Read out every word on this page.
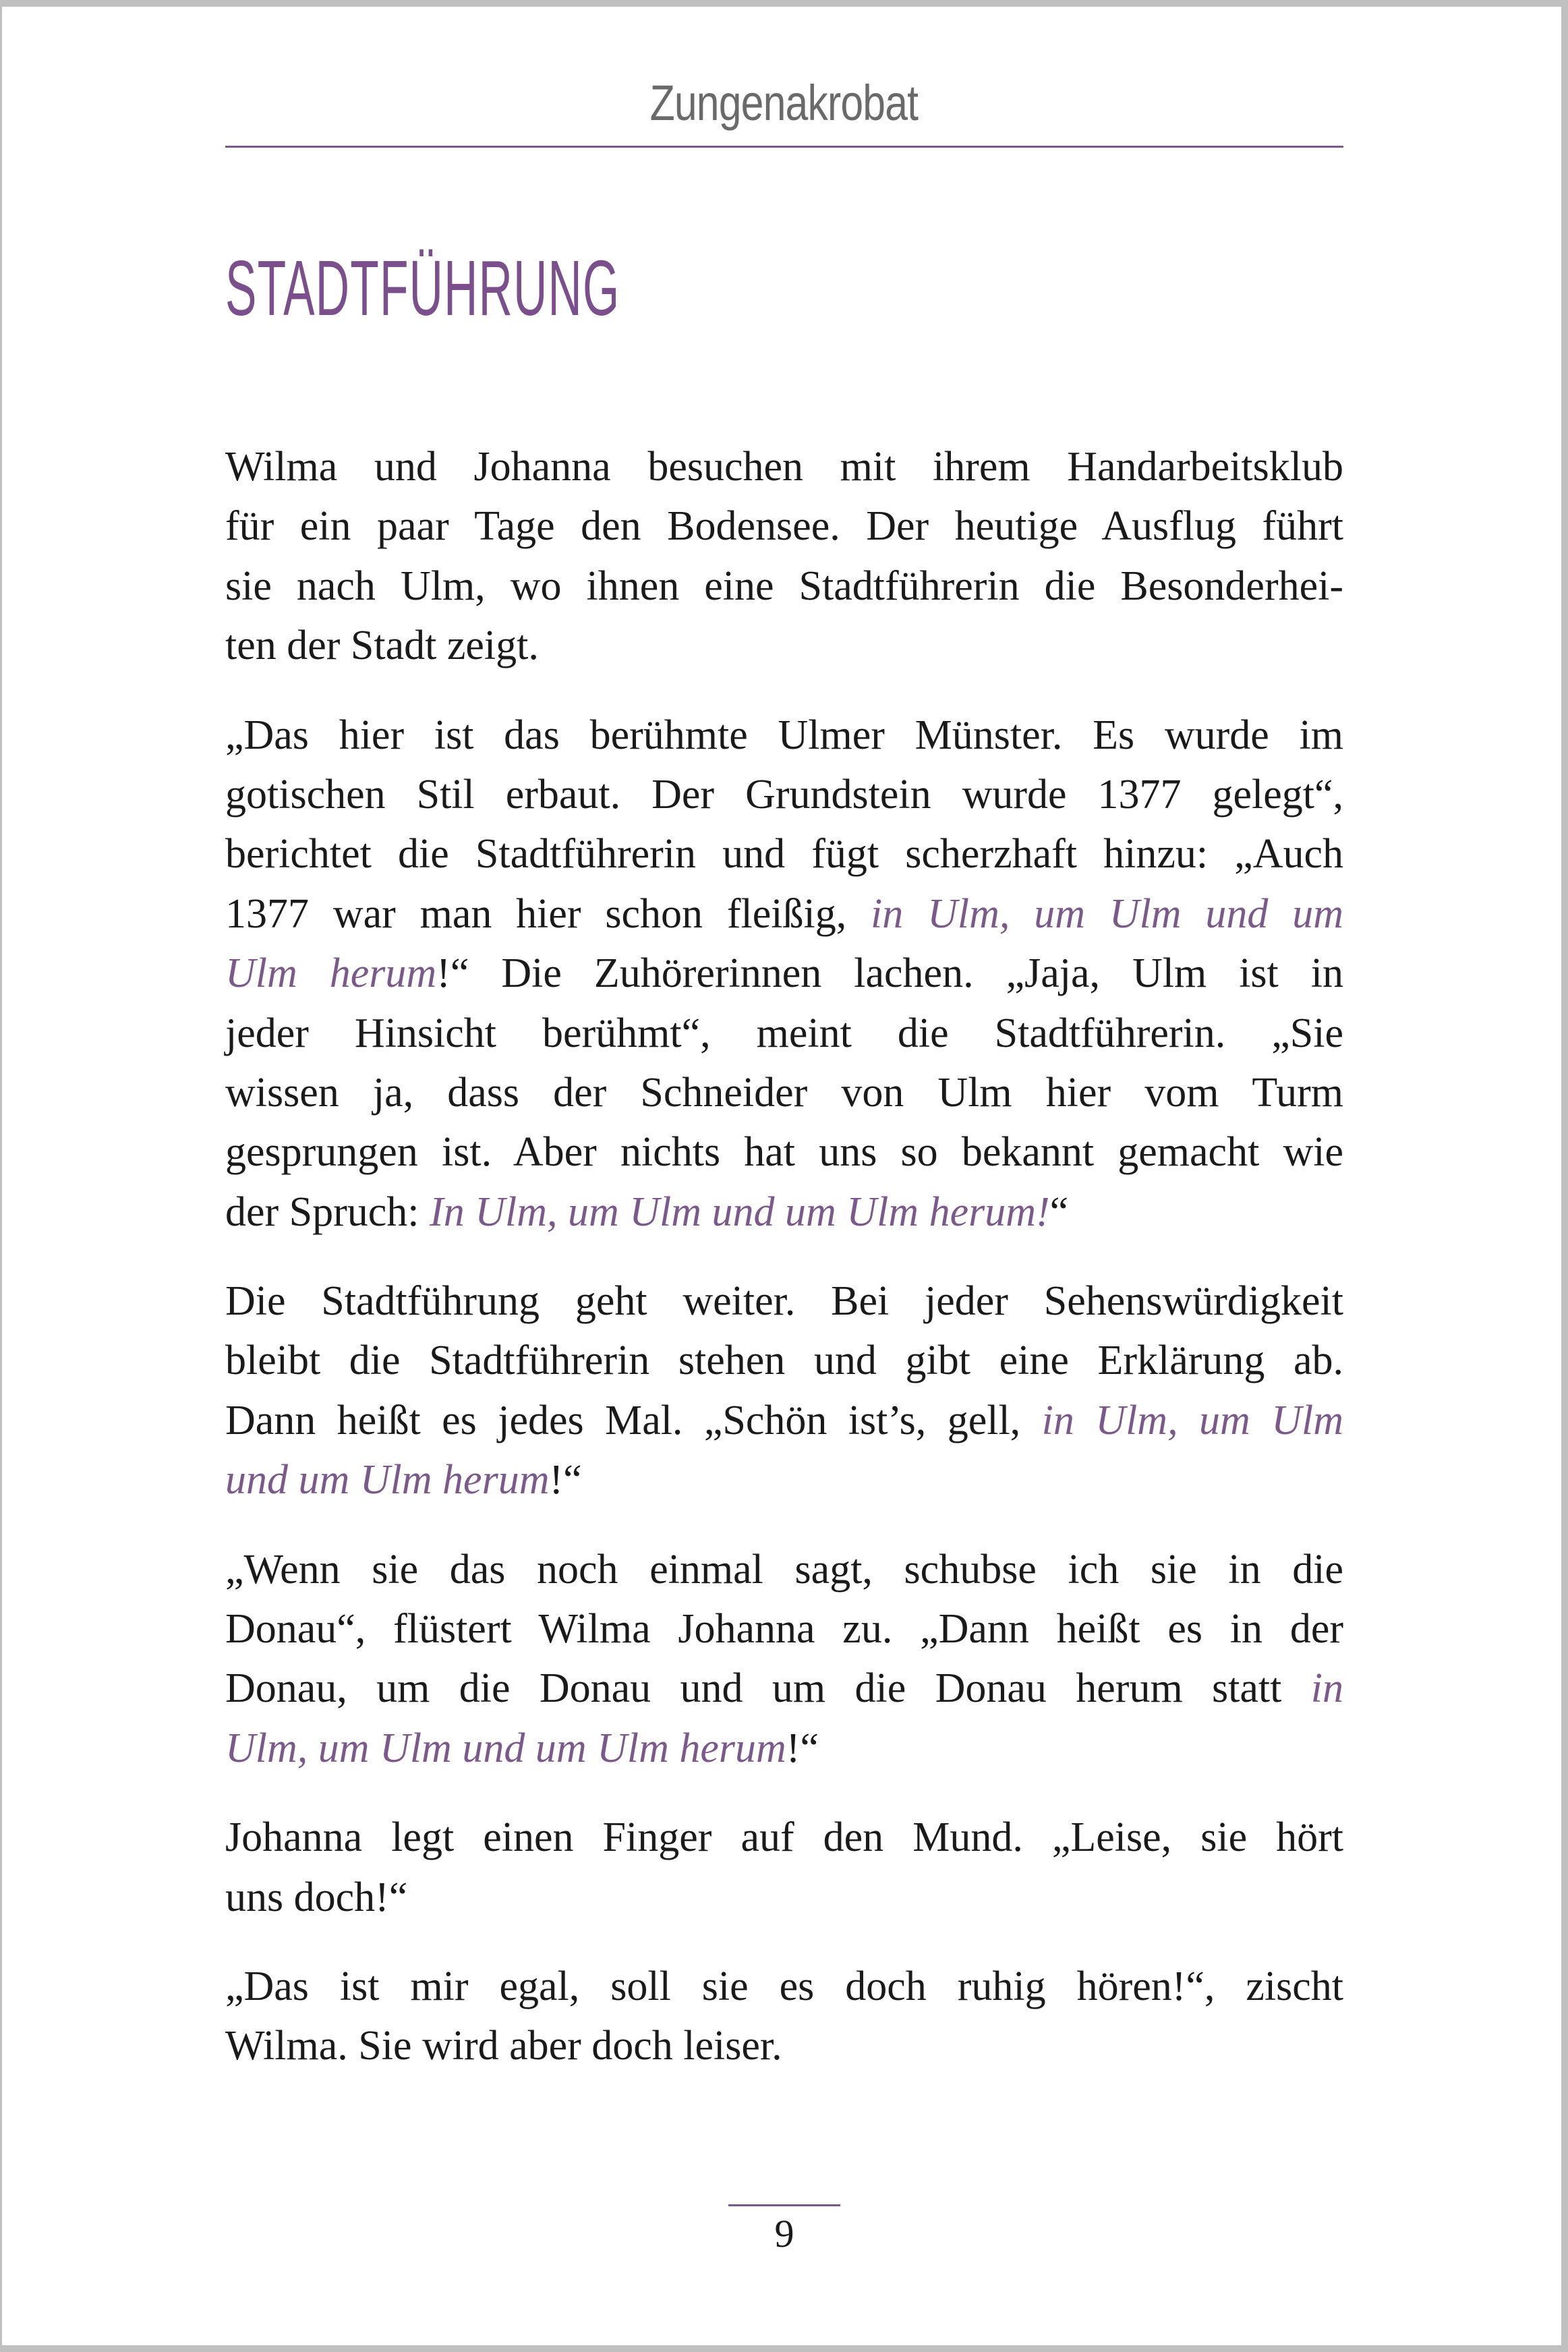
Zungenakrobat
STADTFÜHRUNG
Wilma und Johanna besuchen mit ihrem Handarbeitsklub
für ein paar Tage den Bodensee. Der heutige Ausflug führt
sie nach Ulm, wo ihnen eine Stadtführerin die Besonderhei-
ten der Stadt zeigt.
„Das hier ist das berühmte Ulmer Münster. Es wurde im
gotischen Stil erbaut. Der Grundstein wurde 1377 gelegt“,
berichtet die Stadtführerin und fügt scherzhaft hinzu: „Auch
1377 war man hier schon fleißig, in Ulm, um Ulm und um
Ulm herum!“ Die Zuhörerinnen lachen. „Jaja, Ulm ist in
jeder Hinsicht berühmt“, meint die Stadtführerin. „Sie
wissen ja, dass der Schneider von Ulm hier vom Turm
gesprungen ist. Aber nichts hat uns so bekannt gemacht wie
der Spruch: In Ulm, um Ulm und um Ulm herum!“
Die Stadtführung geht weiter. Bei jeder Sehenswürdigkeit
bleibt die Stadtführerin stehen und gibt eine Erklärung ab.
Dann heißt es jedes Mal. „Schön ist’s, gell, in Ulm, um Ulm
und um Ulm herum!“
„Wenn sie das noch einmal sagt, schubse ich sie in die
Donau“, flüstert Wilma Johanna zu. „Dann heißt es in der
Donau, um die Donau und um die Donau herum statt in
Ulm, um Ulm und um Ulm herum!“
Johanna legt einen Finger auf den Mund. „Leise, sie hört
uns doch!“
„Das ist mir egal, soll sie es doch ruhig hören!“, zischt
Wilma. Sie wird aber doch leiser.
9
